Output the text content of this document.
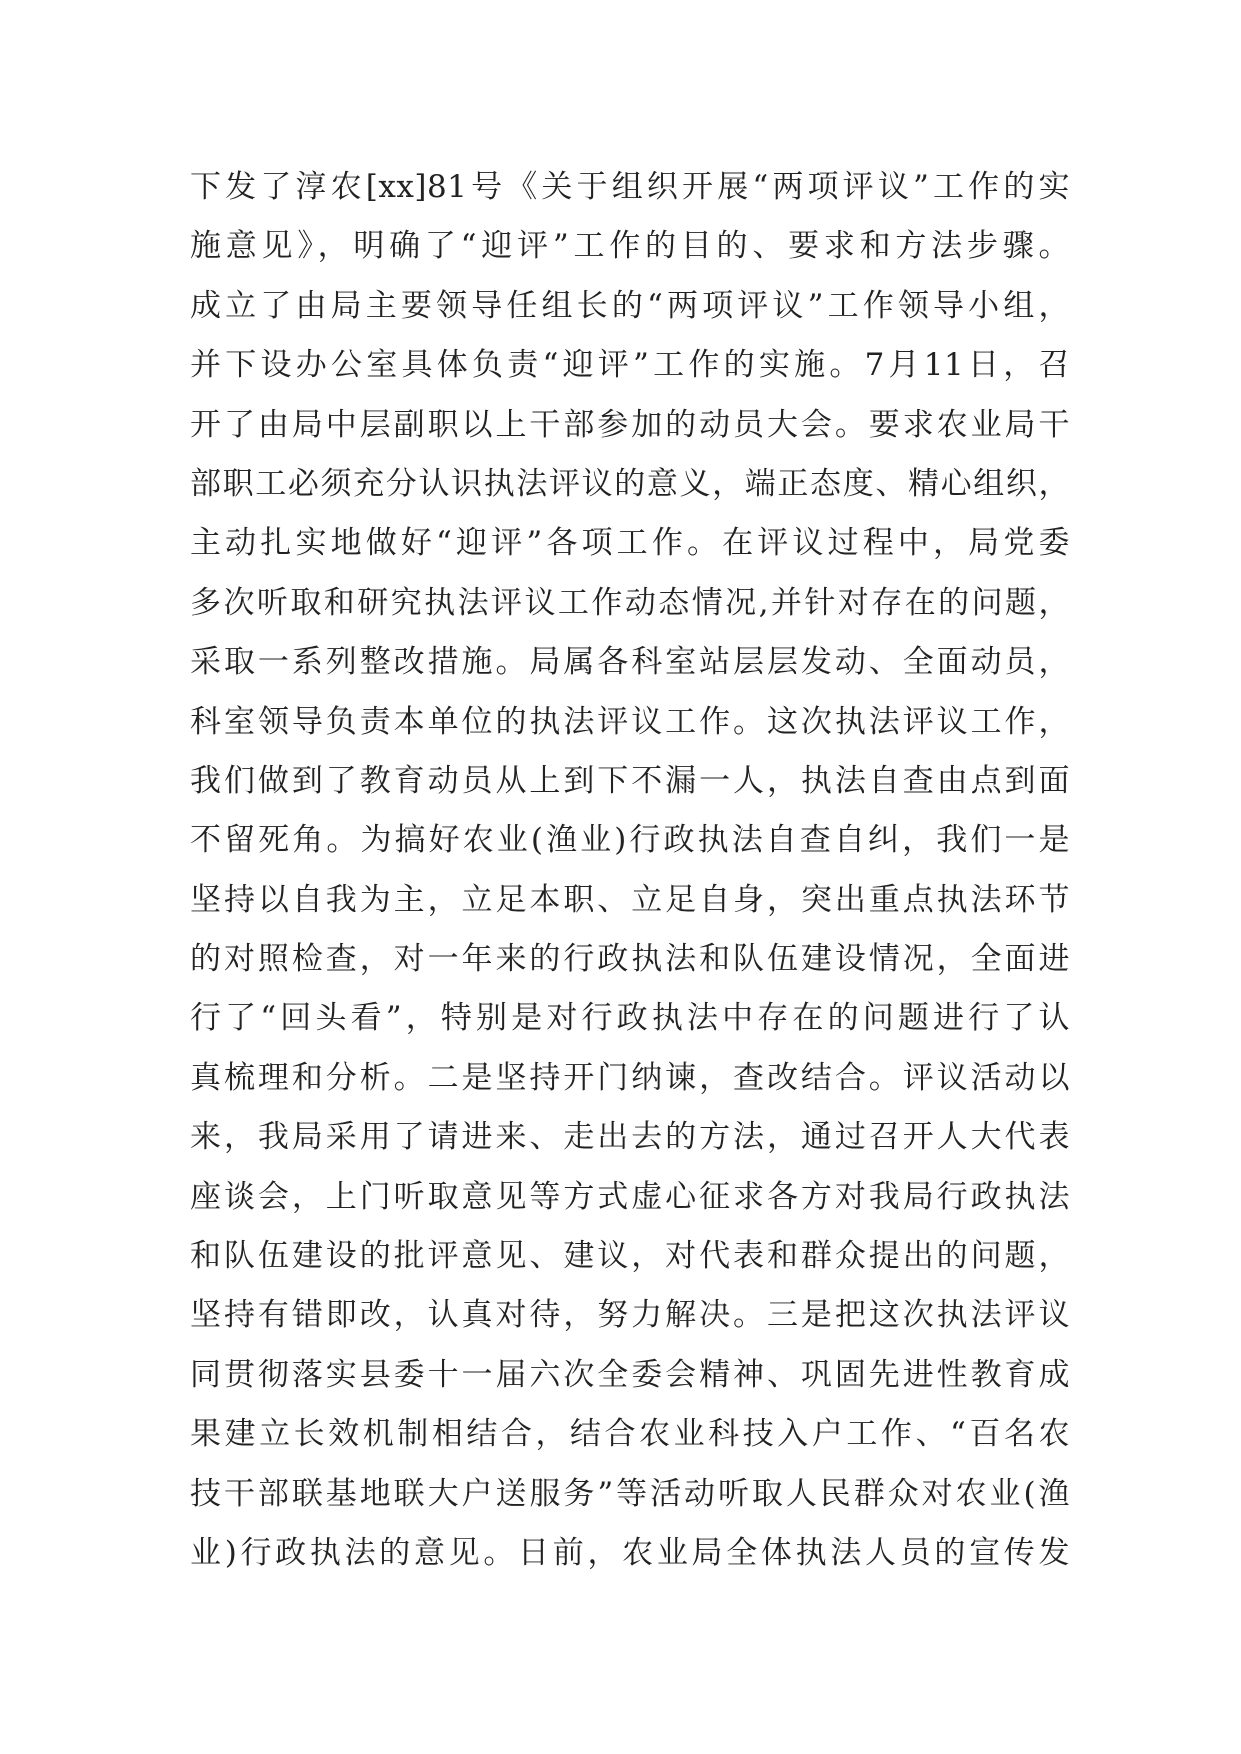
下发了淳农[xx]81号《关于组织开展“两项评议”工作的实
施意见》，明确了“迎评”工作的目的、要求和方法步骤。
成立了由局主要领导任组长的“两项评议”工作领导小组，
并下设办公室具体负责“迎评”工作的实施。7月11日，召
开了由局中层副职以上干部参加的动员大会。要求农业局干
部职工必须充分认识执法评议的意义，端正态度、精心组织，
主动扎实地做好“迎评”各项工作。在评议过程中，局党委
多次听取和研究执法评议工作动态情况,并针对存在的问题，
采取一系列整改措施。局属各科室站层层发动、全面动员，
科室领导负责本单位的执法评议工作。这次执法评议工作，
我们做到了教育动员从上到下不漏一人，执法自查由点到面
不留死角。为搞好农业(渔业)行政执法自查自纠，我们一是
坚持以自我为主，立足本职、立足自身，突出重点执法环节
的对照检查，对一年来的行政执法和队伍建设情况，全面进
行了“回头看”，特别是对行政执法中存在的问题进行了认
真梳理和分析。二是坚持开门纳谏，查改结合。评议活动以
来，我局采用了请进来、走出去的方法，通过召开人大代表
座谈会，上门听取意见等方式虚心征求各方对我局行政执法
和队伍建设的批评意见、建议，对代表和群众提出的问题，
坚持有错即改，认真对待，努力解决。三是把这次执法评议
同贯彻落实县委十一届六次全委会精神、巩固先进性教育成
果建立长效机制相结合，结合农业科技入户工作、“百名农
技干部联基地联大户送服务”等活动听取人民群众对农业(渔
业)行政执法的意见。日前，农业局全体执法人员的宣传发
